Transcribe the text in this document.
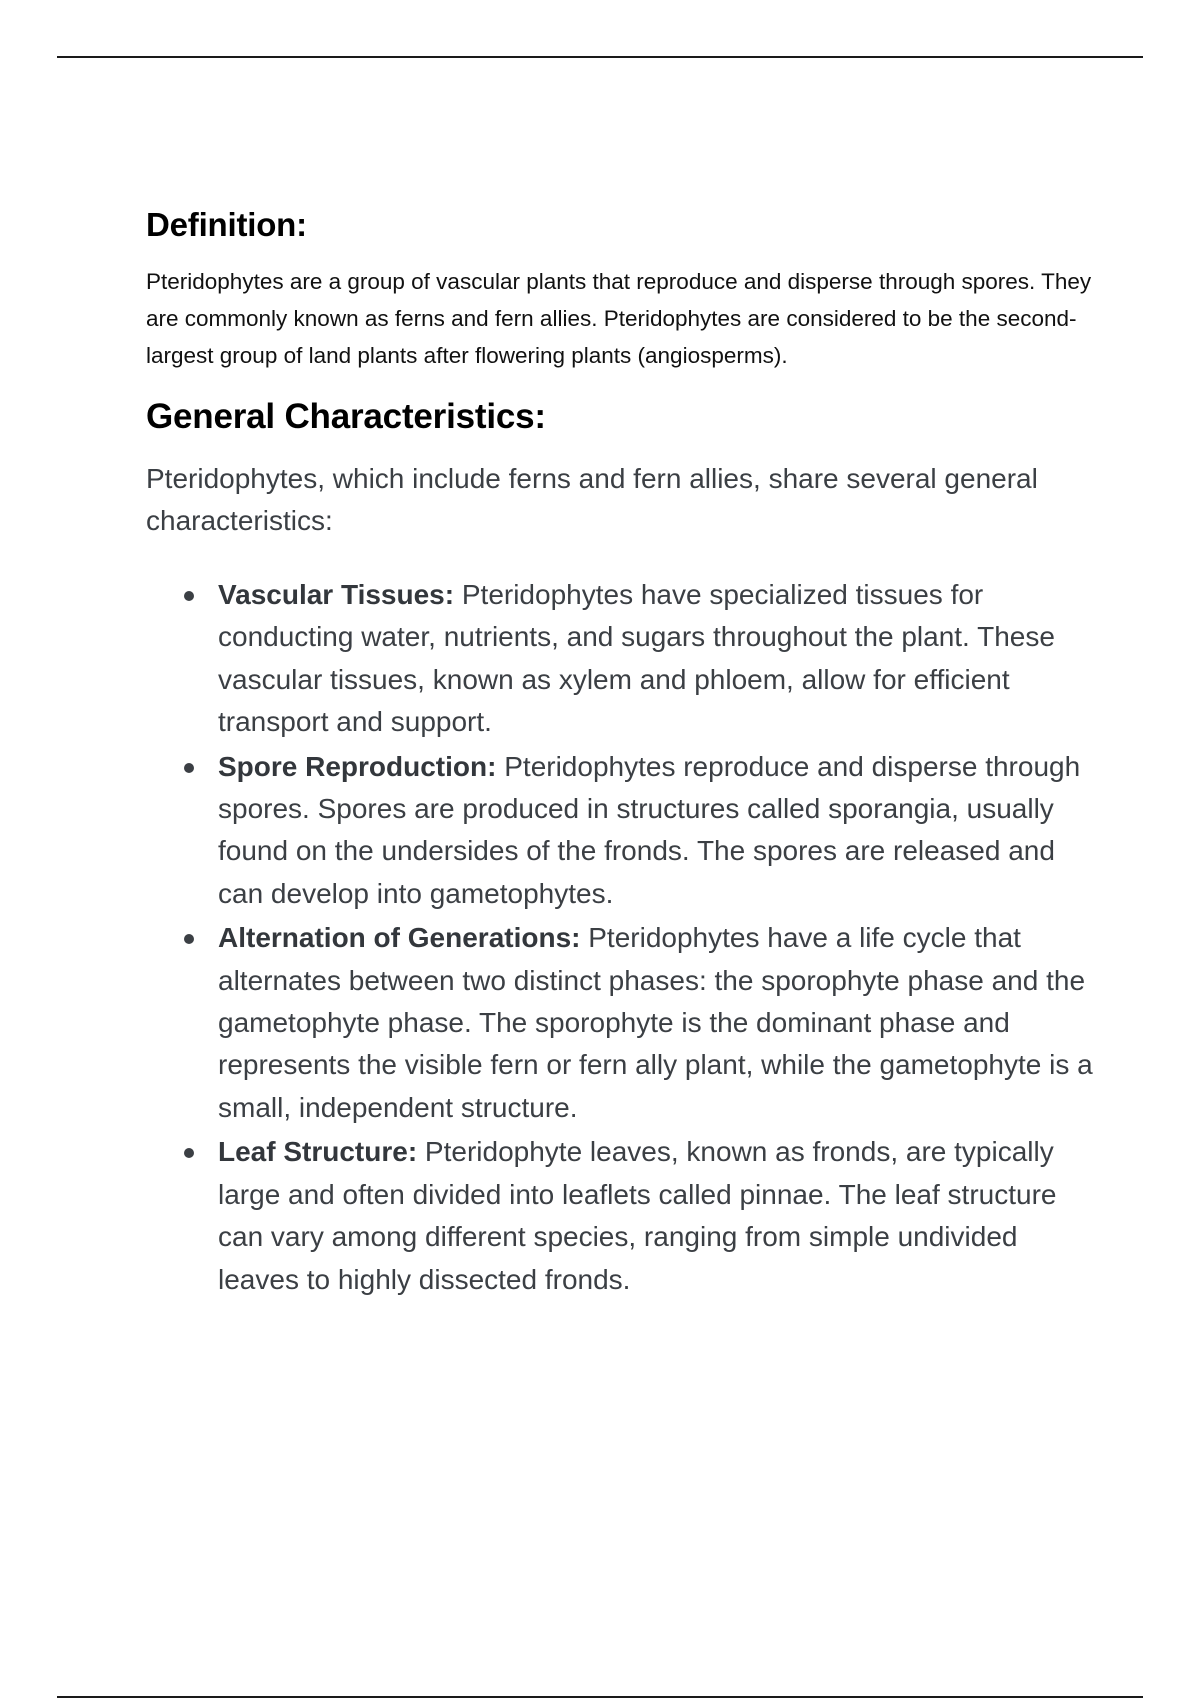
Definition:

Pteridophytes are a group of vascular plants that reproduce and disperse through spores. They are commonly known as ferns and fern allies. Pteridophytes are considered to be the second-largest group of land plants after flowering plants (angiosperms).

General Characteristics:

Pteridophytes, which include ferns and fern allies, share several general characteristics:

Vascular Tissues: Pteridophytes have specialized tissues for conducting water, nutrients, and sugars throughout the plant. These vascular tissues, known as xylem and phloem, allow for efficient transport and support.
Spore Reproduction: Pteridophytes reproduce and disperse through spores. Spores are produced in structures called sporangia, usually found on the undersides of the fronds. The spores are released and can develop into gametophytes.
Alternation of Generations: Pteridophytes have a life cycle that alternates between two distinct phases: the sporophyte phase and the gametophyte phase. The sporophyte is the dominant phase and represents the visible fern or fern ally plant, while the gametophyte is a small, independent structure.
Leaf Structure: Pteridophyte leaves, known as fronds, are typically large and often divided into leaflets called pinnae. The leaf structure can vary among different species, ranging from simple undivided leaves to highly dissected fronds.
